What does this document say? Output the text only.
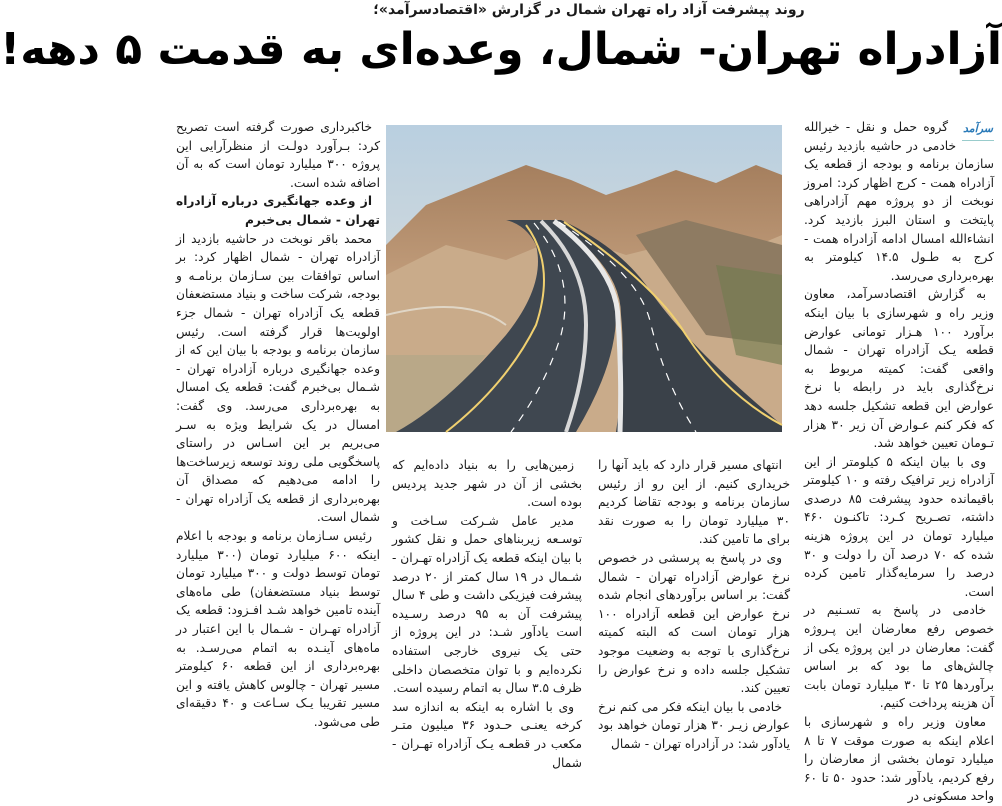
روند پیشرفت آزاد راه تهران شمال در گزارش «اقتصادسرآمد»؛
آزادراه تهران- شمال، وعده‌ای به قدمت ۵ دهه!
سرآمد

گروه حمل و نقل - خیرالله خادمی در حاشیه بازدید رئیس سازمان برنامه و بودجه از قطعه یک آزادراه همت - کرج اظهار کرد: امروز نوبخت از دو پروژه مهم آزادراهی پایتخت و استان البرز بازدید کرد. انشاءالله امسال ادامه آزادراه همت - کرج به طـول ۱۴.۵ کیلومتر به بهره‌برداری می‌رسد.

به گزارش اقتصادسرآمد، معاون وزیر راه و شهرسازی با بیان اینکه برآورد ۱۰۰ هـزار تومانی عوارض قطعه یـک آزادراه تهران - شمال واقعی گفت: کمیته مربوط به نرخ‌گذاری باید در رابطه با نرخ عوارض این قطعه تشکیل جلسه دهد که فکر کنم عـوارض آن زیر ۳۰ هزار تـومان تعیین خواهد شد.

وی با بیان اینکه ۵ کیلومتر از این آزادراه زیر ترافیک رفته و ۱۰ کیلومتر باقیمانده حدود پیشرفت ۸۵ درصدی داشته، تصـریح کـرد: تاکنـون ۴۶۰ میلیارد تومان در این پروژه هزینه شده که ۷۰ درصد آن را دولت و ۳۰ درصد را سرمایه‌گذار تامین کرده است.

خادمی در پاسخ به تسـنیم در خصوص رفع معارضان این پـروژه گفت: معارضان در این پروژه یکی از چالش‌های ما بود که بر اساس برآوردها ۲۵ تا ۳۰ میلیارد تومان بابت آن هزینه پرداخت کنیم.

معاون وزیر راه و شهرسازی با اعلام اینکه به صورت موقت ۷ تا ۸ میلیارد تومان بخشی از معارضان را رفع کردیم، یادآور شد: حدود ۵۰ تا ۶۰ واحد مسکونی در

انتهای مسیر قرار دارد که باید آنها را خریداری کنیم. از این رو از رئیس سازمان برنامه و بودجه تقاضا کردیم ۳۰ میلیارد تومان را به صورت نقد برای ما تامین کند.

وی در پاسخ به پرسشی در خصوص نرخ عوارض آزادراه تهران - شمال گفت: بر اساس برآوردهای انجام شده نرخ عوارض این قطعه آزادراه ۱۰۰ هزار تومان است که البته کمیته نرخ‌گذاری با توجه به وضعیت موجود تشکیل جلسه داده و نرخ عوارض را تعیین کند.

خادمی با بیان اینکه فکر می کنم نرخ عوارض زیـر ۳۰ هزار تومان خواهد بود یادآور شد: در آزادراه تهران - شمال

زمین‌هایی را به بنیاد داده‌ایم که بخشی از آن در شهر جدید پردیس بوده است.

مدیر عامل شـرکت سـاخت و توسـعه زیربناهای حمل و نقل کشور با بیان اینکه قطعه یک آزادراه تهـران - شـمال در ۱۹ سال کمتر از ۲۰ درصد پیشرفت فیزیکی داشت و طی ۴ سال پیشرفت آن به ۹۵ درصد رسـیده است یادآور شـد: در این پروژه از حتی یک نیروی خارجی استفاده نکرده‌ایم و با توان متخصصان داخلی ظرف ۳.۵ سال به اتمام رسیده است.

وی با اشاره به اینکه به اندازه سد کرخه یعنـی حـدود ۳۶ میلیون متـر مکعب در قطعـه یـک آزادراه تهـران - شمال

خاکبرداری صورت گرفته است تصریح کرد: بـرآورد دولـت از منظرآرایی این پروژه ۳۰۰ میلیارد تومان است که به آن اضافه شده است.

از وعده جهانگیری درباره آزادراه تهران - شمال بی‌خبرم

محمد باقر نوبخت در حاشیه بازدید از آزادراه تهران - شمال اظهار کرد: بر اساس توافقات بین سـازمان برنامـه و بودجه، شرکت ساخت و بنیاد مستضعفان قطعه یک آزادراه تهران - شمال جزء اولویت‌ها قرار گرفته است. رئیس سازمان برنامه و بودجه با بیان این که از وعده جهانگیری درباره آزادراه تهران - شـمال بی‌خبرم گفت: قطعه یک امسال به بهره‌برداری می‌رسد. وی گفت: امسال در یک شرایط ویژه به سـر می‌بریم بر این اسـاس در راستای پاسخگویی ملی روند توسعه زیرساخت‌ها را ادامه می‌دهیم که مصداق آن بهره‌برداری از قطعه یک آزادراه تهران - شمال است.

رئیس سـازمان برنامه و بودجه با اعلام اینکه ۶۰۰ میلیارد تومان (۳۰۰ میلیارد تومان توسط دولت و ۳۰۰ میلیارد تومان توسط بنیاد مستضعفان) طی ماه‌های آینده تامین خواهد شـد افـزود: قطعه یک آزادراه تهـران - شـمال با این اعتبار در ماه‌های آینـده به اتمام می‌رسـد. به بهره‌برداری از این قطعه ۶۰ کیلومتر مسیر تهران - چالوس کاهش یافته و این مسیر تقریبا یـک سـاعت و ۴۰ دقیقه‌ای طی می‌شود.
